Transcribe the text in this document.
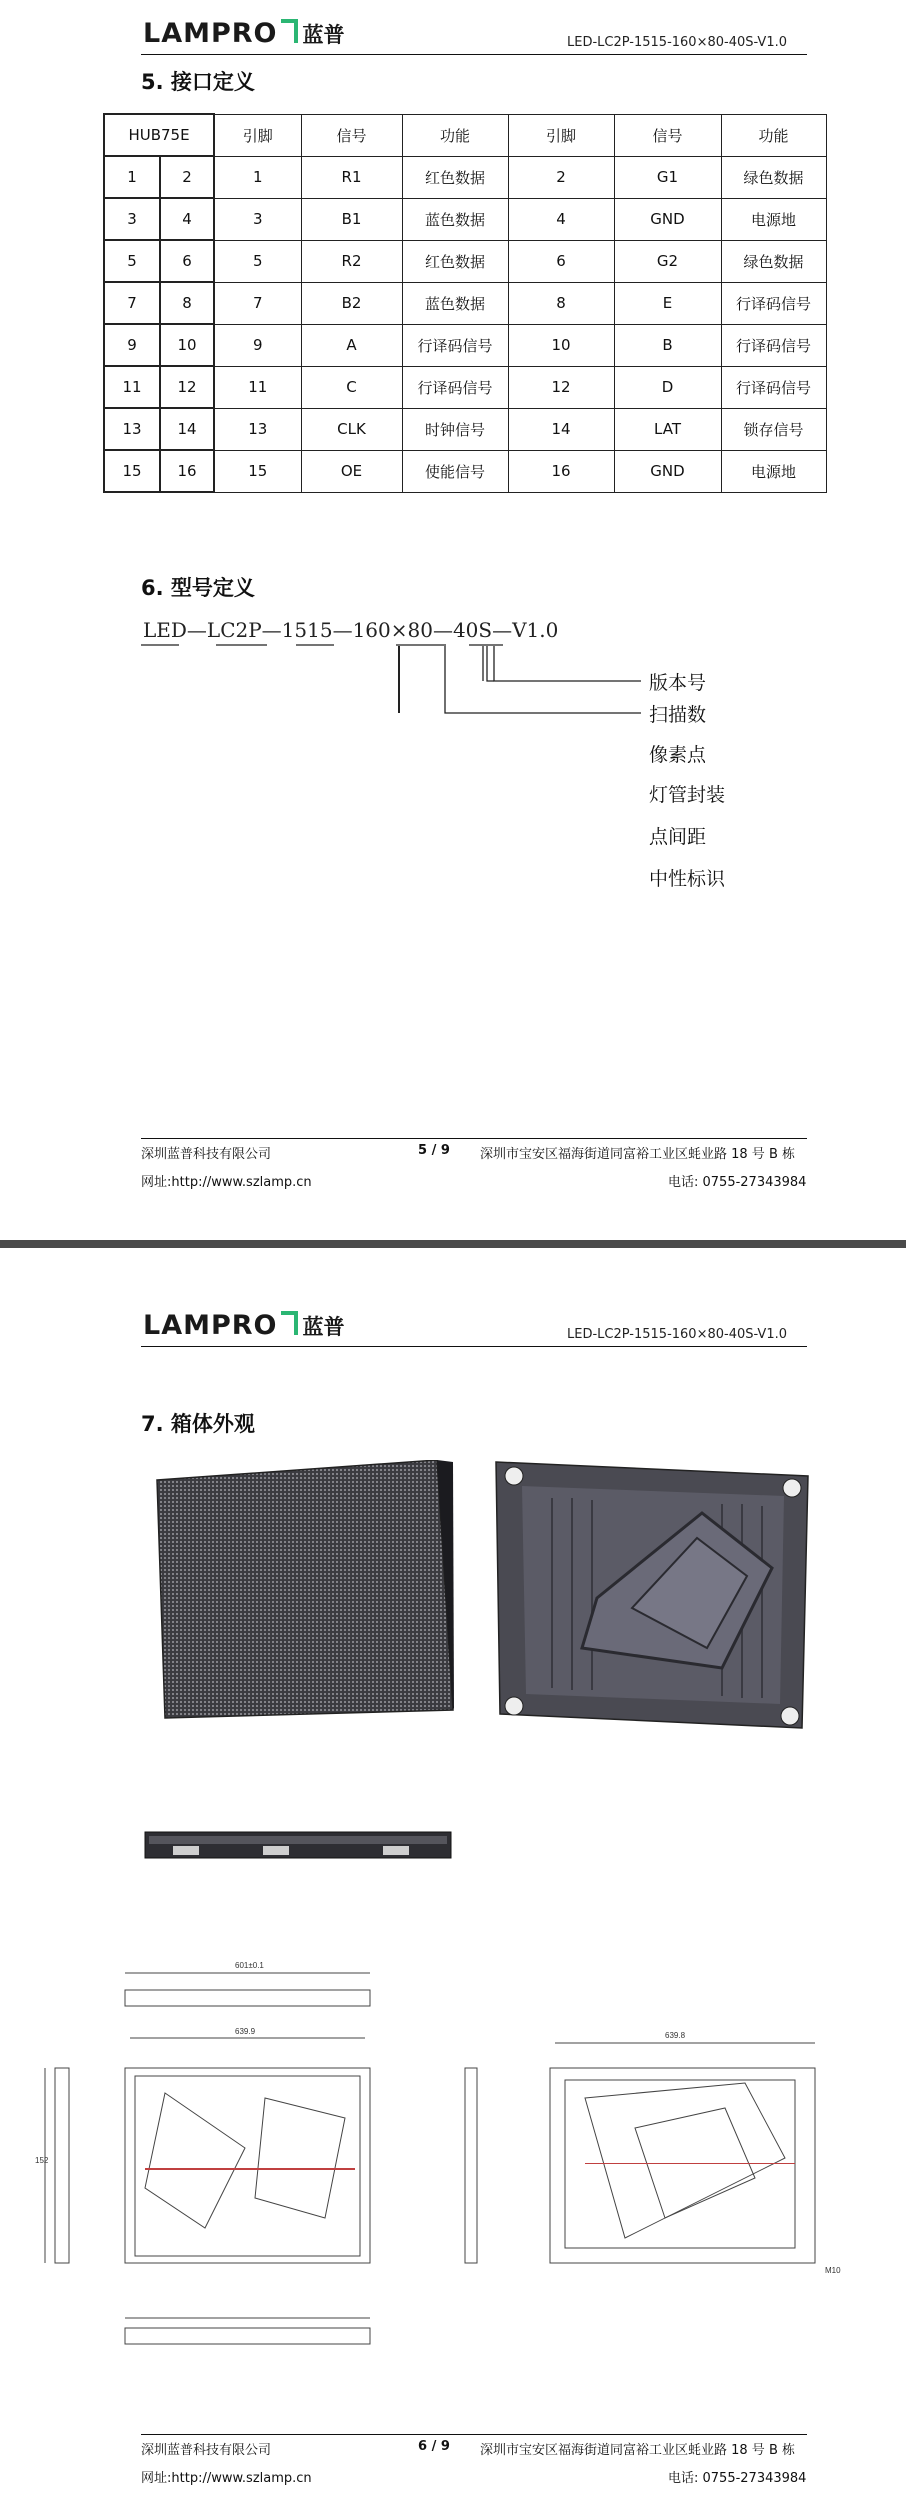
LAMPRO 蓝普	LED-LC2P-1515-160×80-40S-V1.0
5. 接口定义
HUB75E		引脚	信号	功能	引脚	信号	功能
1	2	1	R1	红色数据	2	G1	绿色数据
3	4	3	B1	蓝色数据	4	GND	电源地
5	6	5	R2	红色数据	6	G2	绿色数据
7	8	7	B2	蓝色数据	8	E	行译码信号
9	10	9	A	行译码信号	10	B	行译码信号
11	12	11	C	行译码信号	12	D	行译码信号
13	14	13	CLK	时钟信号	14	LAT	锁存信号
15	16	15	OE	使能信号	16	GND	电源地
6. 型号定义
LED—LC2P—1515—160×80—40S—V1.0
版本号
扫描数
像素点
灯管封装
点间距
中性标识
深圳蓝普科技有限公司	5 / 9 深圳市宝安区福海街道同富裕工业区蚝业路 18 号 B 栋
网址:http://www.szlamp.cn	电话: 0755-27343984
LAMPRO 蓝普	LED-LC2P-1515-160×80-40S-V1.0
7. 箱体外观
601±0.1
639.9	639.8
152
M10
深圳蓝普科技有限公司	6 / 9 深圳市宝安区福海街道同富裕工业区蚝业路 18 号 B 栋
网址:http://www.szlamp.cn	电话: 0755-27343984
